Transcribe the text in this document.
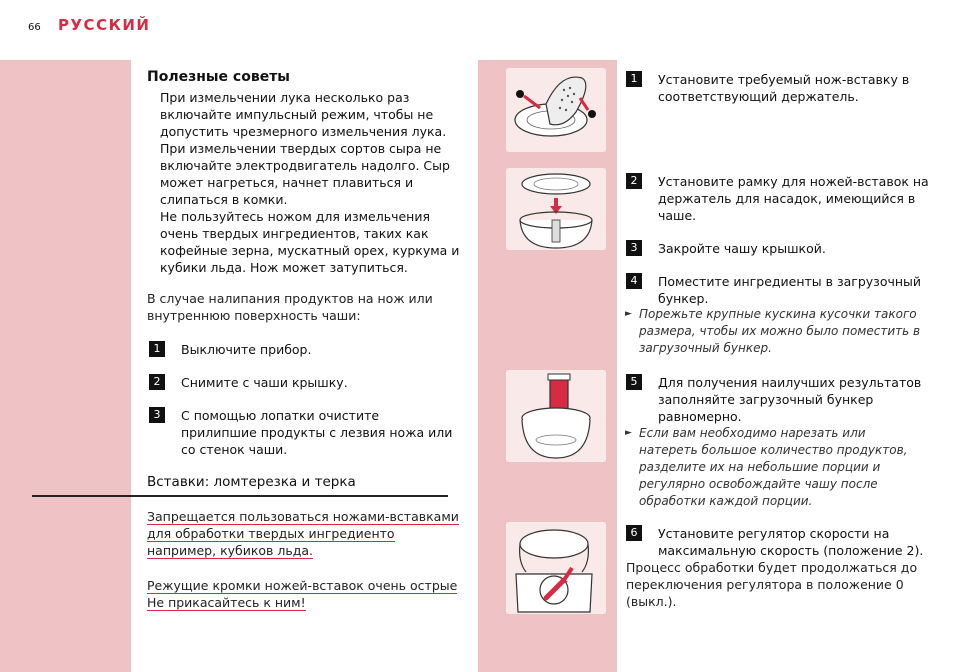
66 РУССКИЙ
Полезные советы

При измельчении лука несколько раз

включайте импульсный режим, чтобы не

допустить чрезмерного измельчения лука.

При измельчении твердых сортов сыра не

включайте электродвигатель надолго. Сыр

может нагреться, начнет плавиться и

слипаться в комки.

Не пользуйтесь ножом для измельчения

очень твердых ингредиентов, таких как

кофейные зерна, мускатный орех, куркума и

кубики льда. Нож может затупиться.

В случае налипания продуктов на нож или
внутреннюю поверхность чаши:
1	Выключите прибор.
2	Снимите с чаши крышку.
3	С помощью лопатки очистите
прилипшие продукты с лезвия ножа или
со стенок чаши.
Вставки: ломтерезка и терка
Запрещается пользоваться ножами-вставками
для обработки твердых ингредиенто
например, кубиков льда.
Режущие кромки ножей-вставок очень острые
Не прикасайтесь к ним!
1	Установите требуемый нож-вставку в
соответствующий держатель.
2	Установите рамку для ножей-вставок на
держатель для насадок, имеющийся в
чаше.
3	Закройте чашу крышкой.
4	Поместите ингредиенты в загрузочный
бункер.
► Порежьте крупные кускина кусочки такого
размера, чтобы их можно было поместить в
загрузочный бункер.
5	Для получения наилучших результатов
заполняйте загрузочный бункер
равномерно.
► Если вам необходимо нарезать или
натереть большое количество продуктов,
разделите их на небольшие порции и
регулярно освобождайте чашу после
обработки каждой порции.
6	Установите регулятор скорости на
максимальную скорость (положение 2).
Процесс обработки будет продолжаться до
переключения регулятора в положение 0
(выкл.).
